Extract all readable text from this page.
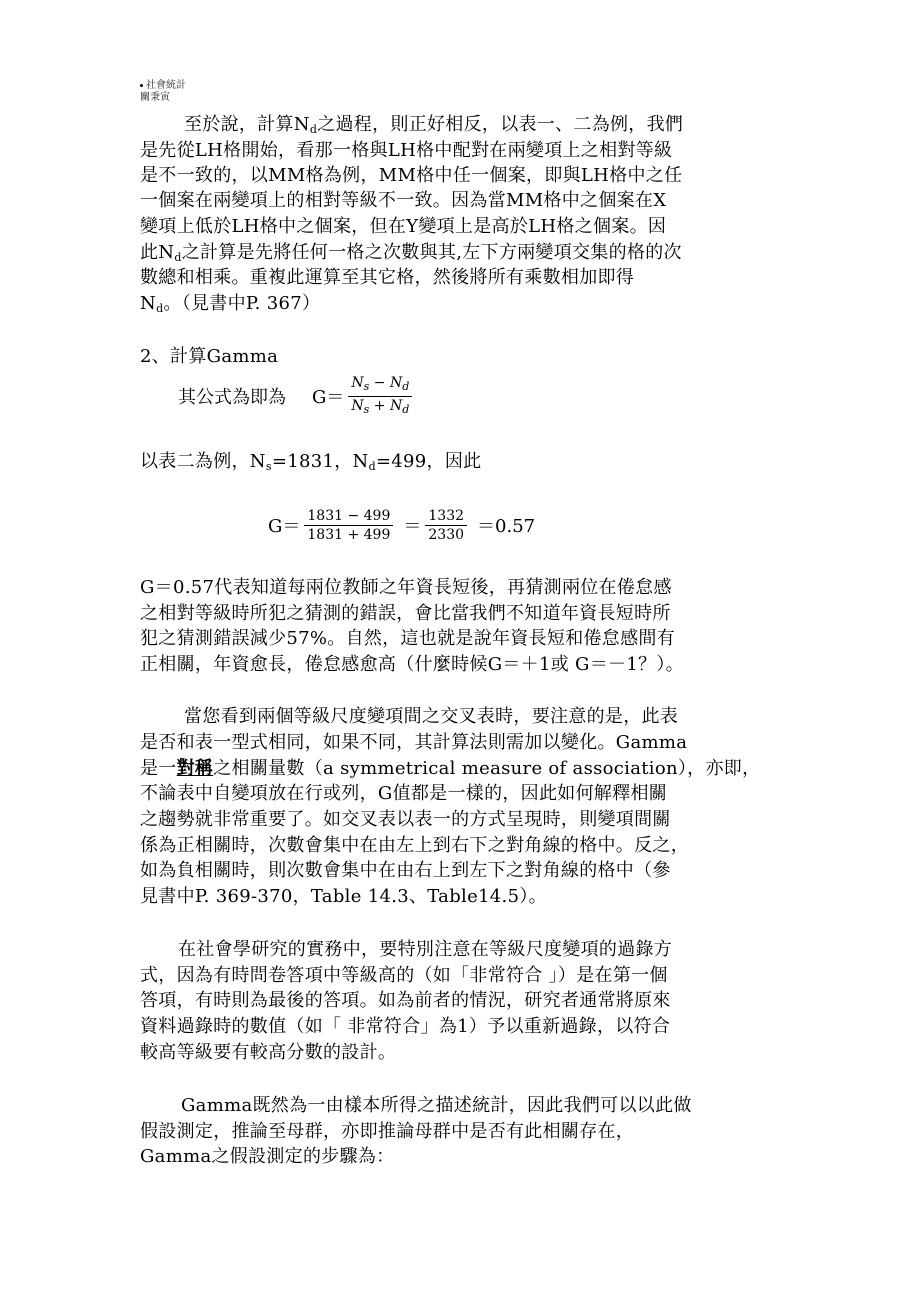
社會統計
關秉寅
至於說，計算$N_d$之過程，則正好相反，以表一、二為例，我們
是先從LH格開始，看那一格與LH格中配對在兩變項上之相對等級
是不一致的，以MM格為例，MM格中任一個案，即與LH格中之任
一個案在兩變項上的相對等級不一致。因為當MM格中之個案在X
變項上低於LH格中之個案，但在Y變項上是高於LH格之個案。因
此$N_d$之計算是先將任何一格之次數與其,左下方兩變項交集的格的次
數總和相乘。重複此運算至其它格，然後將所有乘數相加即得
$N_d$。（見書中P. 367）
2、計算Gamma
其公式為即為 $G= \frac{N_s - N_d}{N_s + N_d}$
以表二為例，$N_s=1831$，$N_d=499$，因此
$G= \frac{1831 - 499}{1831 + 499} = \frac{1332}{2330} =0.57$
G＝0.57代表知道每兩位教師之年資長短後，再猜測兩位在倦怠感
之相對等級時所犯之猜測的錯誤，會比當我們不知道年資長短時所
犯之猜測錯誤減少57%。自然，這也就是說年資長短和倦怠感間有
正相關，年資愈長，倦怠感愈高（什麼時候G＝＋1或 G＝－1？）。
當您看到兩個等級尺度變項間之交叉表時，要注意的是，此表
是否和表一型式相同，如果不同，其計算法則需加以變化。Gamma
是一對稱之相關量數（a symmetrical measure of association），亦即，
不論表中自變項放在行或列，G值都是一樣的，因此如何解釋相關
之趨勢就非常重要了。如交叉表以表一的方式呈現時，則變項間關
係為正相關時，次數會集中在由左上到右下之對角線的格中。反之，
如為負相關時，則次數會集中在由右上到左下之對角線的格中（參
見書中P. 369-370，Table 14.3、Table14.5）。
在社會學研究的實務中，要特別注意在等級尺度變項的過錄方
式，因為有時問卷答項中等級高的（如「非常符合 」）是在第一個
答項，有時則為最後的答項。如為前者的情況，研究者通常將原來
資料過錄時的數值（如「 非常符合」為1）予以重新過錄，以符合
較高等級要有較高分數的設計。
Gamma既然為一由樣本所得之描述統計，因此我們可以以此做
假設測定，推論至母群，亦即推論母群中是否有此相關存在，
Gamma之假設測定的步驟為：
